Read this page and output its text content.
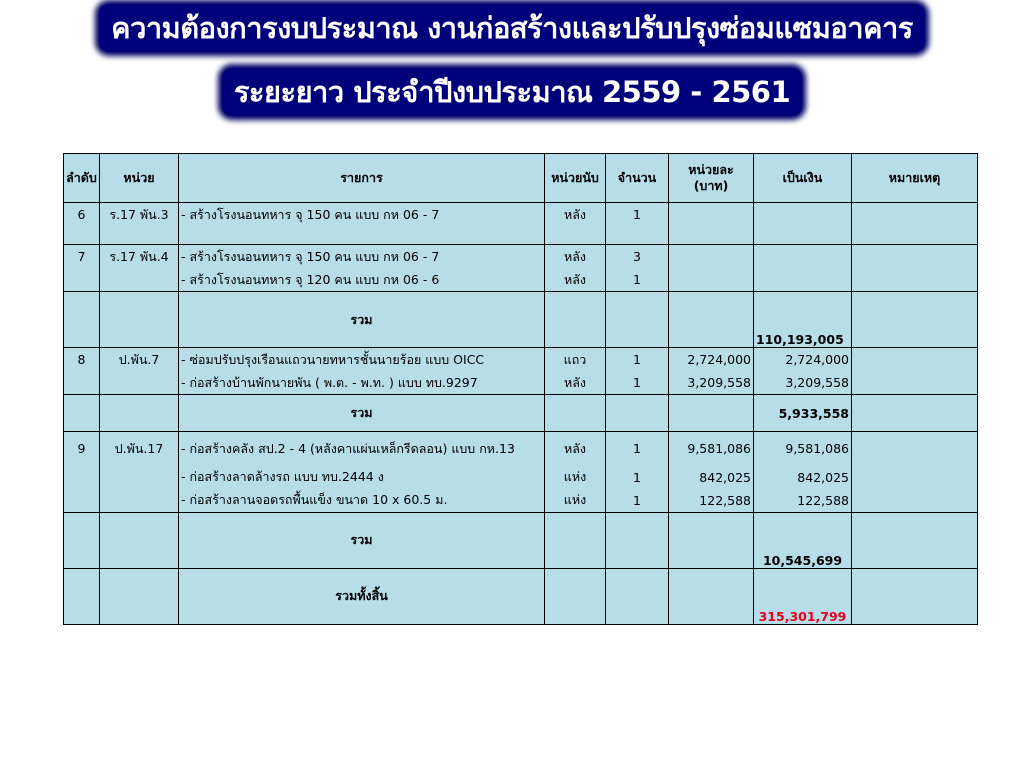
ความต้องการงบประมาณ งานก่อสร้างและปรับปรุงซ่อมแซมอาคาร
ระยะยาว ประจำปีงบประมาณ 2559 - 2561
ลำดับ	หน่วย	รายการ	หน่วยนับ	จำนวน	หน่วยละ (บาท)	เป็นเงิน	หมายเหตุ
6	ร.17 พัน.3	- สร้างโรงนอนทหาร จุ 150 คน แบบ กห 06 - 7	หลัง	1			

7	ร.17 พัน.4	- สร้างโรงนอนทหาร จุ 150 คน แบบ กห 06 - 7	หลัง	3			
		- สร้างโรงนอนทหาร จุ 120 คน แบบ กห 06 - 6	หลัง	1			
		รวม				110,193,005	
8	ป.พัน.7	- ซ่อมปรับปรุงเรือนแถวนายทหารชั้นนายร้อย แบบ OICC	แถว	1	2,724,000	2,724,000	
		- ก่อสร้างบ้านพักนายพัน ( พ.ต. - พ.ท. ) แบบ ทบ.9297	หลัง	1	3,209,558	3,209,558	
		รวม				5,933,558	
9	ป.พัน.17	- ก่อสร้างคลัง สป.2 - 4 (หลังคาแผ่นเหล็กรีดลอน) แบบ กห.13	หลัง	1	9,581,086	9,581,086	
		- ก่อสร้างลาดล้างรถ แบบ ทบ.2444 ง	แห่ง	1	842,025	842,025	
		- ก่อสร้างลานจอดรถพื้นแข็ง ขนาด 10 x 60.5 ม.	แห่ง	1	122,588	122,588	
		รวม				10,545,699	
		รวมทั้งสิ้น				315,301,799	
